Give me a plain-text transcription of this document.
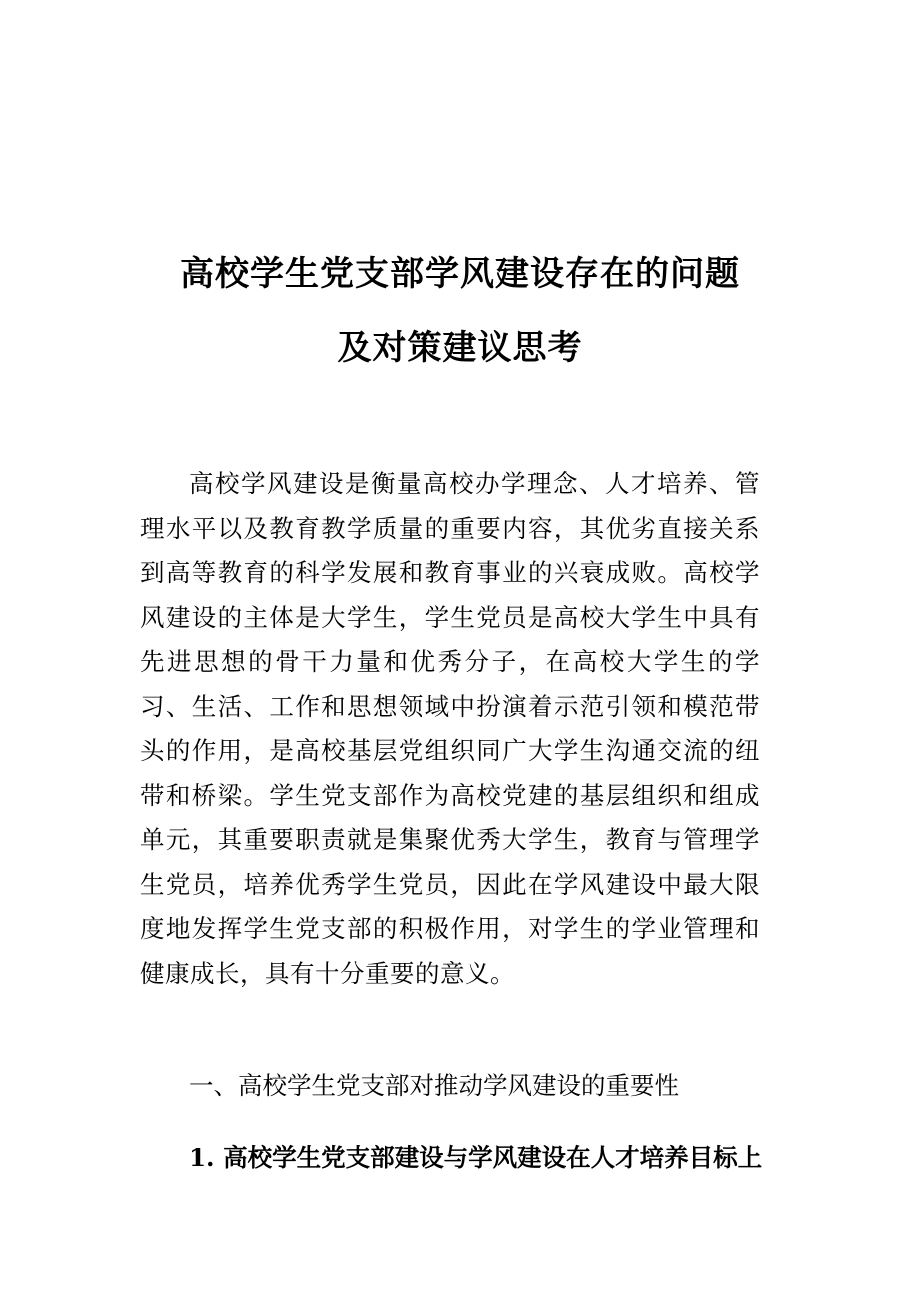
高校学生党支部学风建设存在的问题
及对策建议思考
高校学风建设是衡量高校办学理念、人才培养、管理水平以及教育教学质量的重要内容，其优劣直接关系到高等教育的科学发展和教育事业的兴衰成败。高校学风建设的主体是大学生，学生党员是高校大学生中具有先进思想的骨干力量和优秀分子，在高校大学生的学习、生活、工作和思想领域中扮演着示范引领和模范带头的作用，是高校基层党组织同广大学生沟通交流的纽带和桥梁。学生党支部作为高校党建的基层组织和组成单元，其重要职责就是集聚优秀大学生，教育与管理学生党员，培养优秀学生党员，因此在学风建设中最大限度地发挥学生党支部的积极作用，对学生的学业管理和健康成长，具有十分重要的意义。
一、高校学生党支部对推动学风建设的重要性
1. 高校学生党支部建设与学风建设在人才培养目标上
